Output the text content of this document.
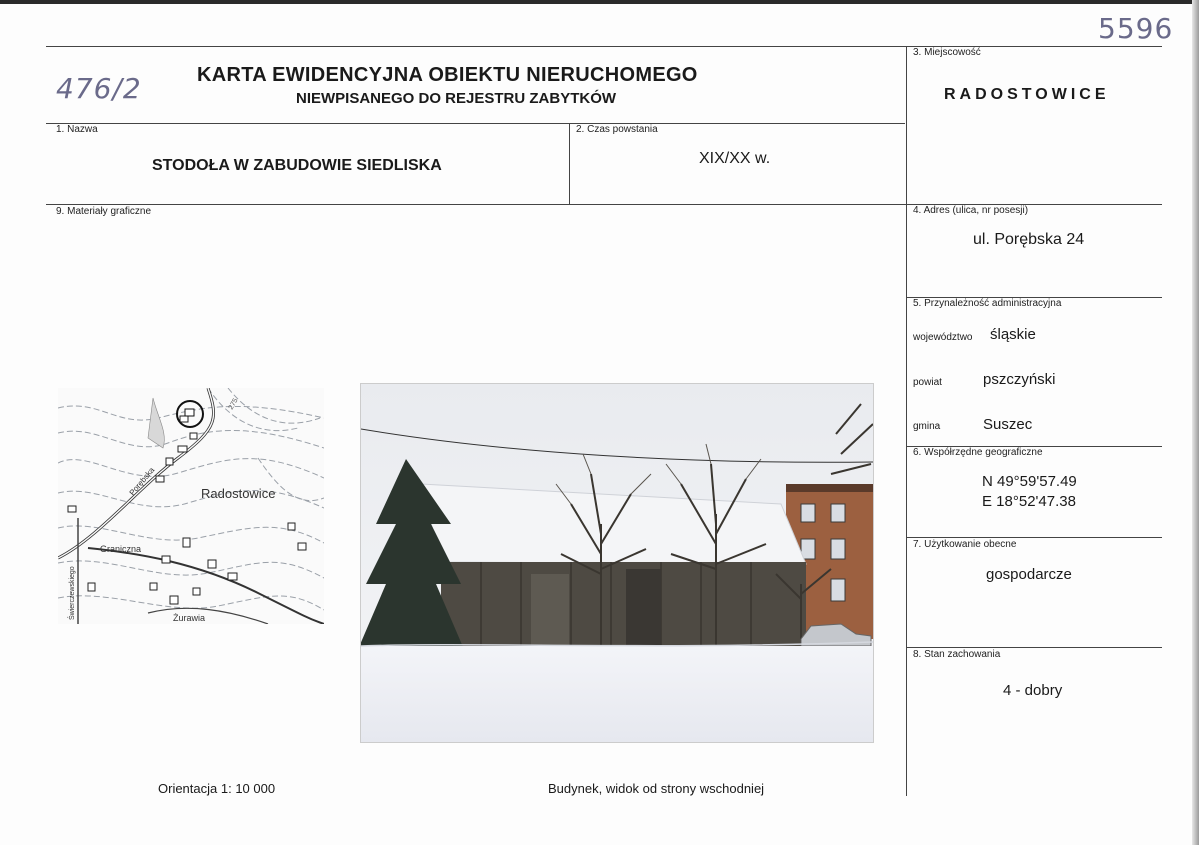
5596
476/2	KARTA EWIDENCYJNA OBIEKTU NIERUCHOMEGO
NIEWPISANEGO DO REJESTRU ZABYTKÓW
3. Miejscowość
RADOSTOWICE
1. Nazwa
STODOŁA W ZABUDOWIE SIEDLISKA
2. Czas powstania
XIX/XX w.
9. Materiały graficzne	4. Adres (ulica, nr posesji)
ul. Porębska 24
5. Przynależność administracyjna
województwo śląskie
powiat	pszczyński
gmina	Suszec
6. Współrzędne geograficzne
N 49°59'57.49
E 18°52'47.38
7. Użytkowanie obecne
gospodarcze
8. Stan zachowania
4 - dobry
Radostowice
Graniczna
Żurawia
Porębska
Świerczewskiego
275
Orientacja 1: 10 000	Budynek, widok od strony wschodniej
